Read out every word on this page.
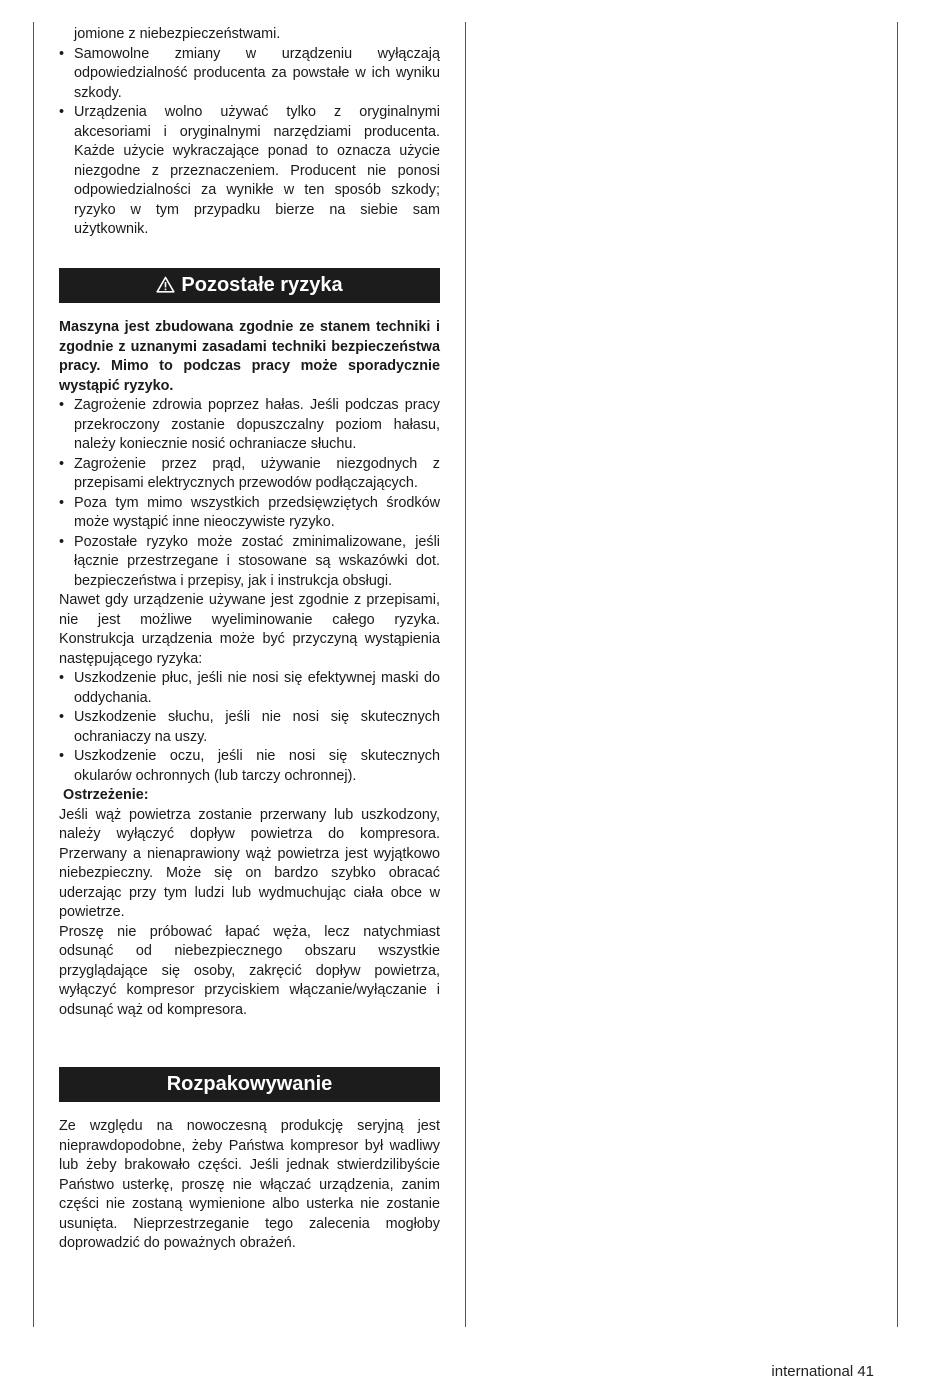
jomione z niebezpieczeństwami.

• Samowolne zmiany w urządzeniu wyłączają odpowiedzialność producenta za powstałe w ich wyniku szkody.
• Urządzenia wolno używać tylko z oryginalnymi akcesoriami i oryginalnymi narzędziami producenta. Każde użycie wykraczające ponad to oznacza użycie niezgodne z przeznaczeniem. Producent nie ponosi odpowiedzialności za wynikłe w ten sposób szkody; ryzyko w tym przypadku bierze na siebie sam użytkownik.
Pozostałe ryzyka

Maszyna jest zbudowana zgodnie ze stanem techniki i zgodnie z uznanymi zasadami techniki bezpieczeństwa pracy. Mimo to podczas pracy może sporadycznie wystąpić ryzyko.

• Zagrożenie zdrowia poprzez hałas. Jeśli podczas pracy przekroczony zostanie dopuszczalny poziom hałasu, należy koniecznie nosić ochraniacze słuchu.
• Zagrożenie przez prąd, używanie niezgodnych z przepisami elektrycznych przewodów podłączających.
• Poza tym mimo wszystkich przedsięwziętych środków może wystąpić inne nieoczywiste ryzyko.
• Pozostałe ryzyko może zostać zminimalizowane, jeśli łącznie przestrzegane i stosowane są wskazówki dot. bezpieczeństwa i przepisy, jak i instrukcja obsługi.

Nawet gdy urządzenie używane jest zgodnie z przepisami, nie jest możliwe wyeliminowanie całego ryzyka. Konstrukcja urządzenia może być przyczyną wystąpienia następującego ryzyka:

• Uszkodzenie płuc, jeśli nie nosi się efektywnej maski do oddychania.
• Uszkodzenie słuchu, jeśli nie nosi się skutecznych ochraniaczy na uszy.
• Uszkodzenie oczu, jeśli nie nosi się skutecznych okularów ochronnych (lub tarczy ochronnej).

Ostrzeżenie:

Jeśli wąż powietrza zostanie przerwany lub uszkodzony, należy wyłączyć dopływ powietrza do kompresora. Przerwany a nienaprawiony wąż powietrza jest wyjątkowo niebezpieczny. Może się on bardzo szybko obracać uderzając przy tym ludzi lub wydmuchując ciała obce w powietrze.

Proszę nie próbować łapać węża, lecz natychmiast odsunąć od niebezpiecznego obszaru wszystkie przyglądające się osoby, zakręcić dopływ powietrza, wyłączyć kompresor przyciskiem włączanie/wyłączanie i odsunąć wąż od kompresora.

Rozpakowywanie

Ze względu na nowoczesną produkcję seryjną jest nieprawdopodobne, żeby Państwa kompresor był wadliwy lub żeby brakowało części. Jeśli jednak stwierdzilibyście Państwo usterkę, proszę nie włączać urządzenia, zanim części nie zostaną wymienione albo usterka nie zostanie usunięta. Nieprzestrzeganie tego zalecenia mogłoby doprowadzić do poważnych obrażeń.

international 41
